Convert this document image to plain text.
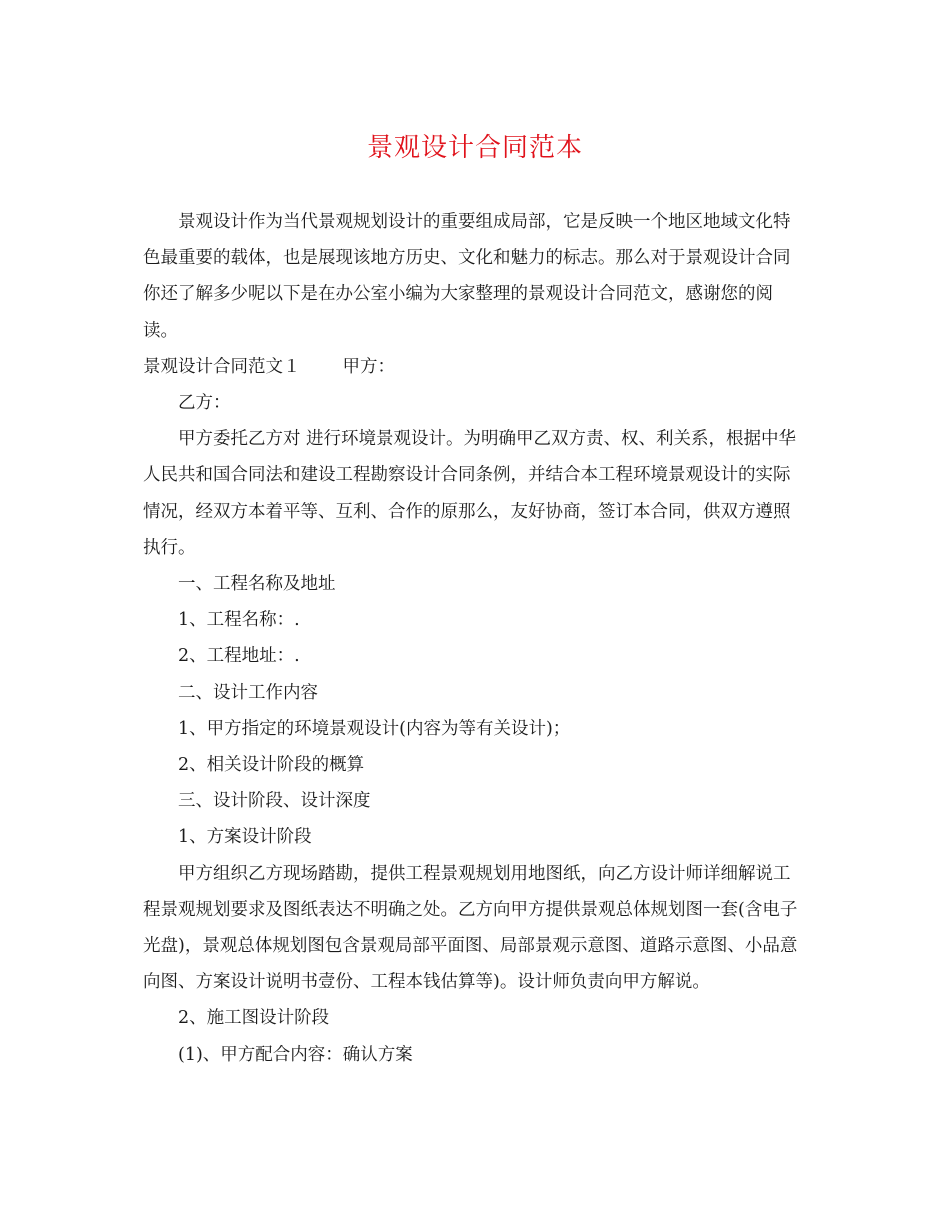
景观设计合同范本

景观设计作为当代景观规划设计的重要组成局部，它是反映一个地区地域文化特色最重要的载体，也是展现该地方历史、文化和魅力的标志。那么对于景观设计合同你还了解多少呢以下是在办公室小编为大家整理的景观设计合同范文，感谢您的阅读。

景观设计合同范文１ 甲方：

乙方：

甲方委托乙方对 进行环境景观设计。为明确甲乙双方责、权、利关系，根据中华人民共和国合同法和建设工程勘察设计合同条例，并结合本工程环境景观设计的实际情况，经双方本着平等、互利、合作的原那么，友好协商，签订本合同，供双方遵照执行。

一、工程名称及地址

1、工程名称：.

2、工程地址：.

二、设计工作内容

1、甲方指定的环境景观设计(内容为等有关设计)；

2、相关设计阶段的概算

三、设计阶段、设计深度

1、方案设计阶段

甲方组织乙方现场踏勘，提供工程景观规划用地图纸，向乙方设计师详细解说工程景观规划要求及图纸表达不明确之处。乙方向甲方提供景观总体规划图一套(含电子光盘)，景观总体规划图包含景观局部平面图、局部景观示意图、道路示意图、小品意向图、方案设计说明书壹份、工程本钱估算等)。设计师负责向甲方解说。

2、施工图设计阶段

(1)、甲方配合内容：确认方案
